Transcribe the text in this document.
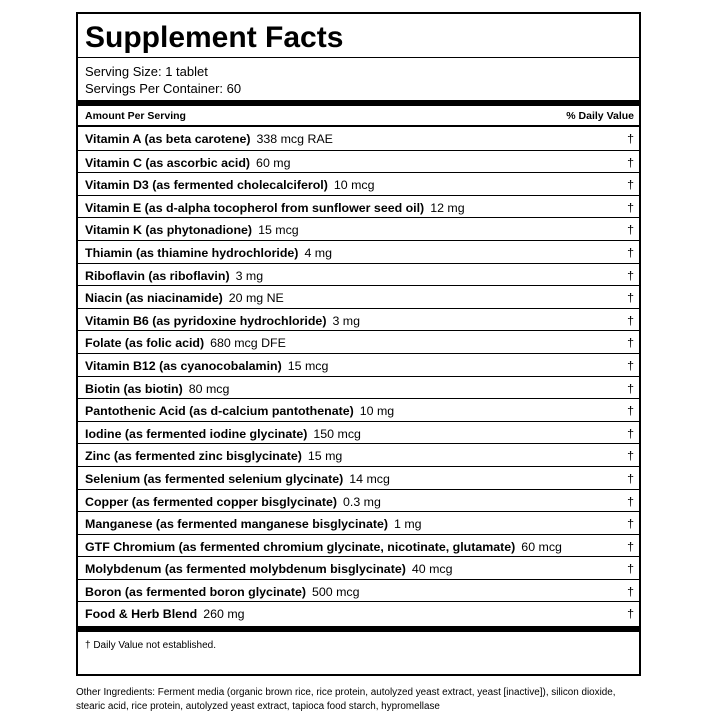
Supplement Facts
Serving Size: 1 tablet
Servings Per Container: 60
Amount Per Serving	% Daily Value
Vitamin A (as beta carotene) 338 mcg RAE	†
Vitamin C (as ascorbic acid) 60 mg	†
Vitamin D3 (as fermented cholecalciferol) 10 mcg	†
Vitamin E (as d-alpha tocopherol from sunflower seed oil) 12 mg	†
Vitamin K (as phytonadione) 15 mcg	†
Thiamin (as thiamine hydrochloride) 4 mg	†
Riboflavin (as riboflavin) 3 mg	†
Niacin (as niacinamide) 20 mg NE	†
Vitamin B6 (as pyridoxine hydrochloride) 3 mg	†
Folate (as folic acid) 680 mcg DFE	†
Vitamin B12 (as cyanocobalamin) 15 mcg	†
Biotin (as biotin) 80 mcg	†
Pantothenic Acid (as d-calcium pantothenate) 10 mg	†
Iodine (as fermented iodine glycinate) 150 mcg	†
Zinc (as fermented zinc bisglycinate) 15 mg	†
Selenium (as fermented selenium glycinate) 14 mcg	†
Copper (as fermented copper bisglycinate) 0.3 mg	†
Manganese (as fermented manganese bisglycinate) 1 mg	†
GTF Chromium (as fermented chromium glycinate, nicotinate, glutamate) 60 mcg	†
Molybdenum (as fermented molybdenum bisglycinate) 40 mcg	†
Boron (as fermented boron glycinate) 500 mcg	†
Food & Herb Blend 260 mg	†
† Daily Value not established.
Other Ingredients: Ferment media (organic brown rice, rice protein, autolyzed yeast extract, yeast [inactive]), silicon dioxide, stearic acid, rice protein, autolyzed yeast extract, tapioca food starch, hypromellase
